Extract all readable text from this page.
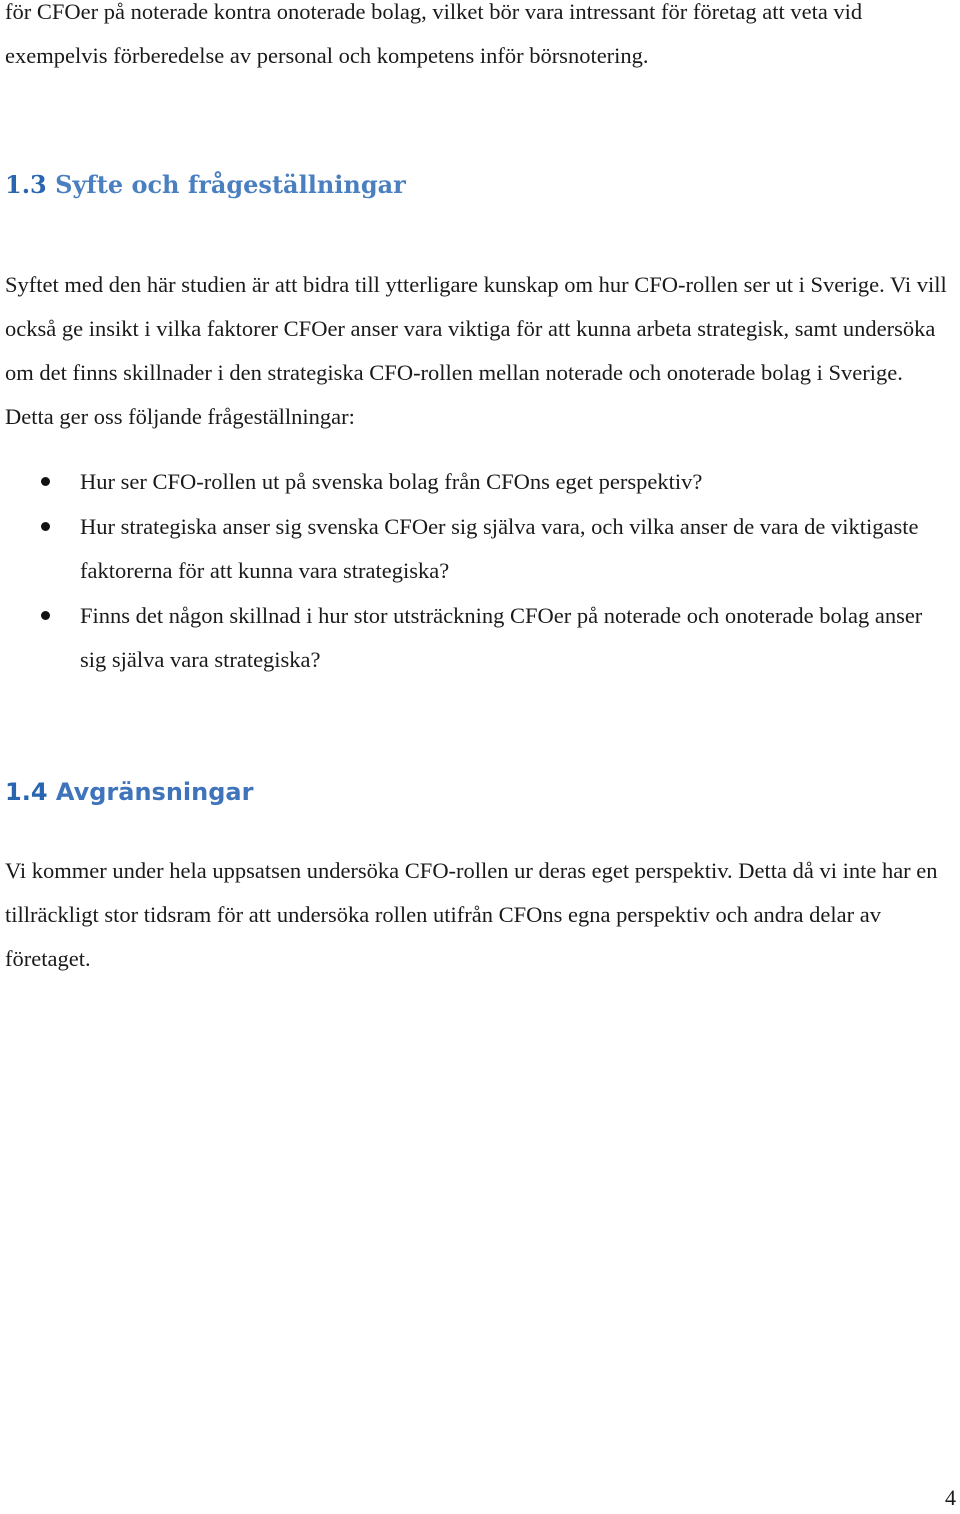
för CFOer på noterade kontra onoterade bolag, vilket bör vara intressant för företag att veta vid exempelvis förberedelse av personal och kompetens inför börsnotering.

1.3 Syfte och frågeställningar

Syftet med den här studien är att bidra till ytterligare kunskap om hur CFO-rollen ser ut i Sverige. Vi vill också ge insikt i vilka faktorer CFOer anser vara viktiga för att kunna arbeta strategisk, samt undersöka om det finns skillnader i den strategiska CFO-rollen mellan noterade och onoterade bolag i Sverige. Detta ger oss följande frågeställningar:

Hur ser CFO-rollen ut på svenska bolag från CFOns eget perspektiv?
Hur strategiska anser sig svenska CFOer sig själva vara, och vilka anser de vara de viktigaste faktorerna för att kunna vara strategiska?
Finns det någon skillnad i hur stor utsträckning CFOer på noterade och onoterade bolag anser sig själva vara strategiska?
1.4 Avgränsningar

Vi kommer under hela uppsatsen undersöka CFO-rollen ur deras eget perspektiv. Detta då vi inte har en tillräckligt stor tidsram för att undersöka rollen utifrån CFOns egna perspektiv och andra delar av företaget.

4
